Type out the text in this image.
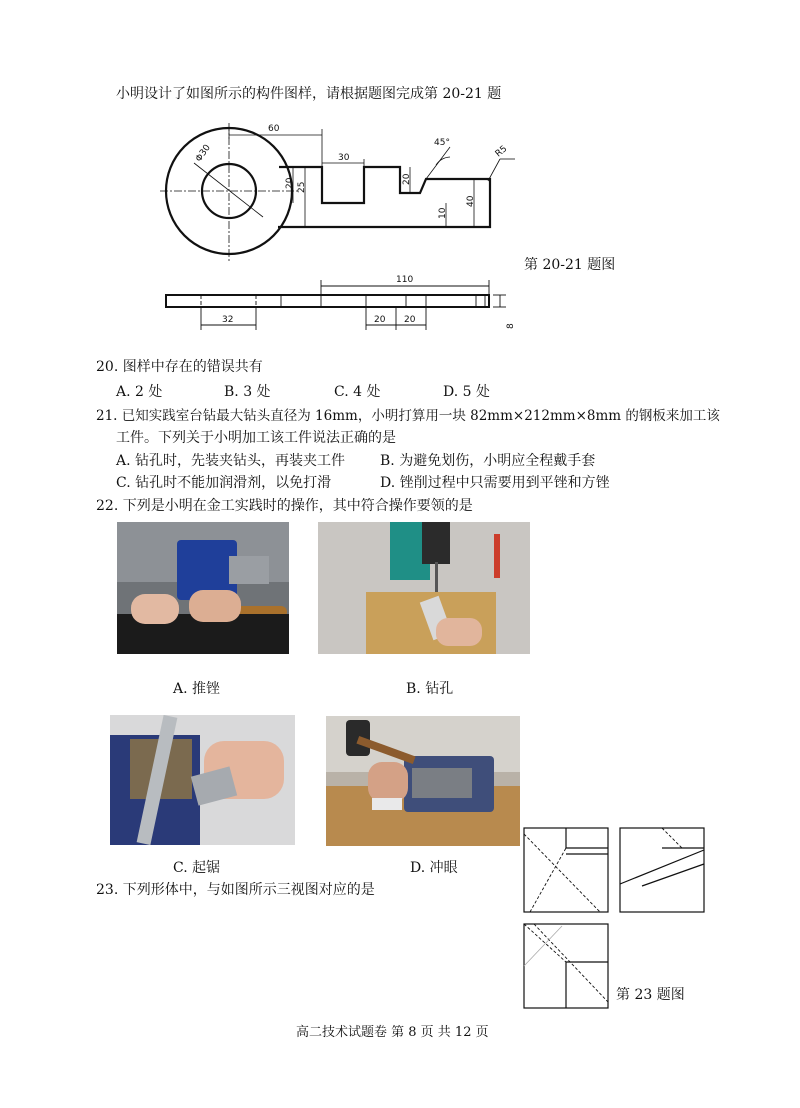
小明设计了如图所示的构件图样，请根据题图完成第 20-21 题
60
30
20 25
20
40
10
Φ30
45°
R5
110
32	20 20
8
第 20-21 题图
20. 图样中存在的错误共有
A. 2 处	B. 3 处	C. 4 处	D. 5 处
21. 已知实践室台钻最大钻头直径为 16mm，小明打算用一块 82mm×212mm×8mm 的钢板来加工该
工件。下列关于小明加工该工件说法正确的是
A. 钻孔时，先装夹钻头，再装夹工件 B. 为避免划伤，小明应全程戴手套
C. 钻孔时不能加润滑剂，以免打滑	D. 锉削过程中只需要用到平锉和方锉
22. 下列是小明在金工实践时的操作，其中符合操作要领的是
A. 推锉	B. 钻孔
C. 起锯	D. 冲眼
23. 下列形体中，与如图所示三视图对应的是
第 23 题图
高二技术试题卷 第 8 页 共 12 页
